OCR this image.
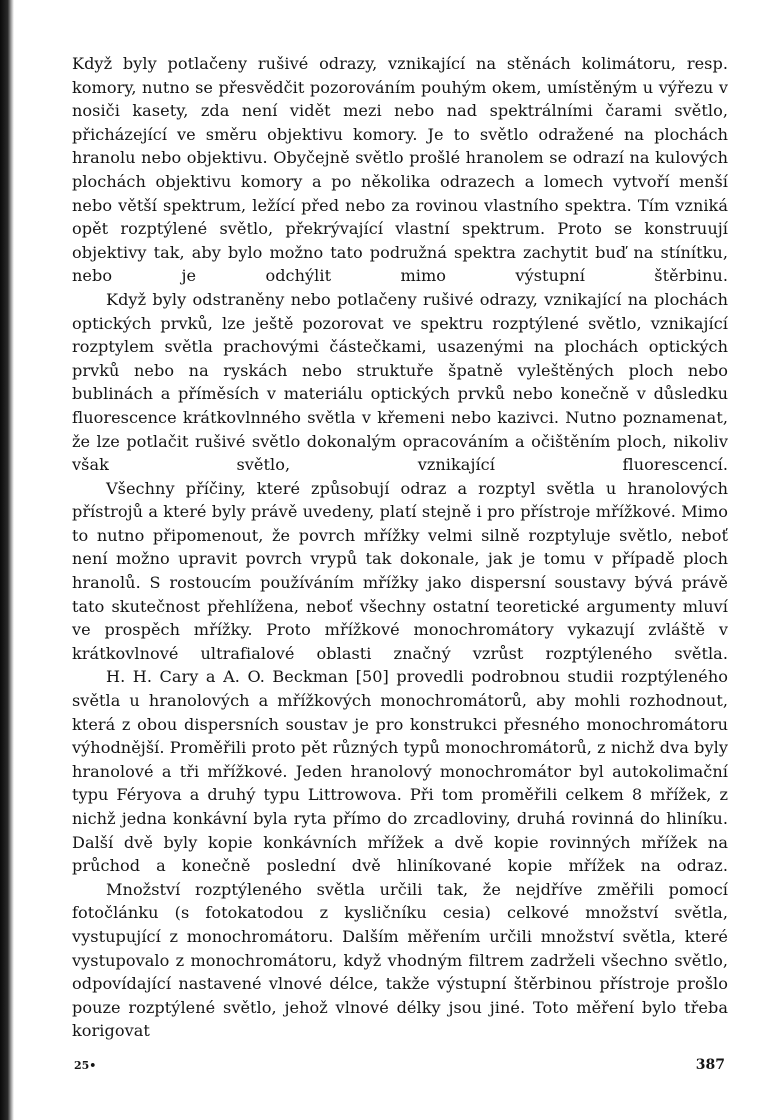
Když byly potlačeny rušivé odrazy, vznikající na stěnách kolimátoru, resp. komory, nutno se přesvědčit pozorováním pouhým okem, umístěným u výřezu v nosiči kasety, zda není vidět mezi nebo nad spektrálními čarami světlo, přicházející ve směru objektivu komory. Je to světlo odražené na plochách hranolu nebo objektivu. Obyčejně světlo prošlé hranolem se odrazí na kulových plochách objektivu komory a po několika odrazech a lomech vytvoří menší nebo větší spektrum, ležící před nebo za rovinou vlastního spektra. Tím vzniká opět rozptýlené světlo, překrývající vlastní spektrum. Proto se konstruují objektivy tak, aby bylo možno tato podružná spektra zachytit buď na stínítku, nebo je odchýlit mimo výstupní štěrbinu.

Když byly odstraněny nebo potlačeny rušivé odrazy, vznikající na plochách optických prvků, lze ještě pozorovat ve spektru rozptýlené světlo, vznikající rozptylem světla prachovými částečkami, usazenými na plochách optických prvků nebo na ryskách nebo struktuře špatně vyleštěných ploch nebo bublinách a příměsích v materiálu optických prvků nebo konečně v důsledku fluorescence krátkovlnného světla v křemeni nebo kazivci. Nutno poznamenat, že lze potlačit rušivé světlo dokonalým opracováním a očištěním ploch, nikoliv však světlo, vznikající fluorescencí.

Všechny příčiny, které způsobují odraz a rozptyl světla u hranolových přístrojů a které byly právě uvedeny, platí stejně i pro přístroje mřížkové. Mimo to nutno připomenout, že povrch mřížky velmi silně rozptyluje světlo, neboť není možno upravit povrch vrypů tak dokonale, jak je tomu v případě ploch hranolů. S rostoucím používáním mřížky jako dispersní soustavy bývá právě tato skutečnost přehlížena, neboť všechny ostatní teoretické argumenty mluví ve prospěch mřížky. Proto mřížkové monochromátory vykazují zvláště v krátkovlnové ultrafialové oblasti značný vzrůst rozptýleného světla.

H. H. Cary a A. O. Beckman [50] provedli podrobnou studii rozptýleného světla u hranolových a mřížkových monochromátorů, aby mohli rozhodnout, která z obou dispersních soustav je pro konstrukci přesného monochromátoru výhodnější. Proměřili proto pět různých typů monochromátorů, z nichž dva byly hranolové a tři mřížkové. Jeden hranolový monochromátor byl autokolimační typu Féryova a druhý typu Littrowova. Při tom proměřili celkem 8 mřížek, z nichž jedna konkávní byla ryta přímo do zrcadloviny, druhá rovinná do hliníku. Další dvě byly kopie konkávních mřížek a dvě kopie rovinných mřížek na průchod a konečně poslední dvě hliníkované kopie mřížek na odraz.

Množství rozptýleného světla určili tak, že nejdříve změřili pomocí fotočlánku (s fotokatodou z kysličníku cesia) celkové množství světla, vystupující z monochromátoru. Dalším měřením určili množství světla, které vystupovalo z monochromátoru, když vhodným filtrem zadrželi všechno světlo, odpovídající nastavené vlnové délce, takže výstupní štěrbinou přístroje prošlo pouze rozptýlené světlo, jehož vlnové délky jsou jiné. Toto měření bylo třeba korigovat

25•	387
